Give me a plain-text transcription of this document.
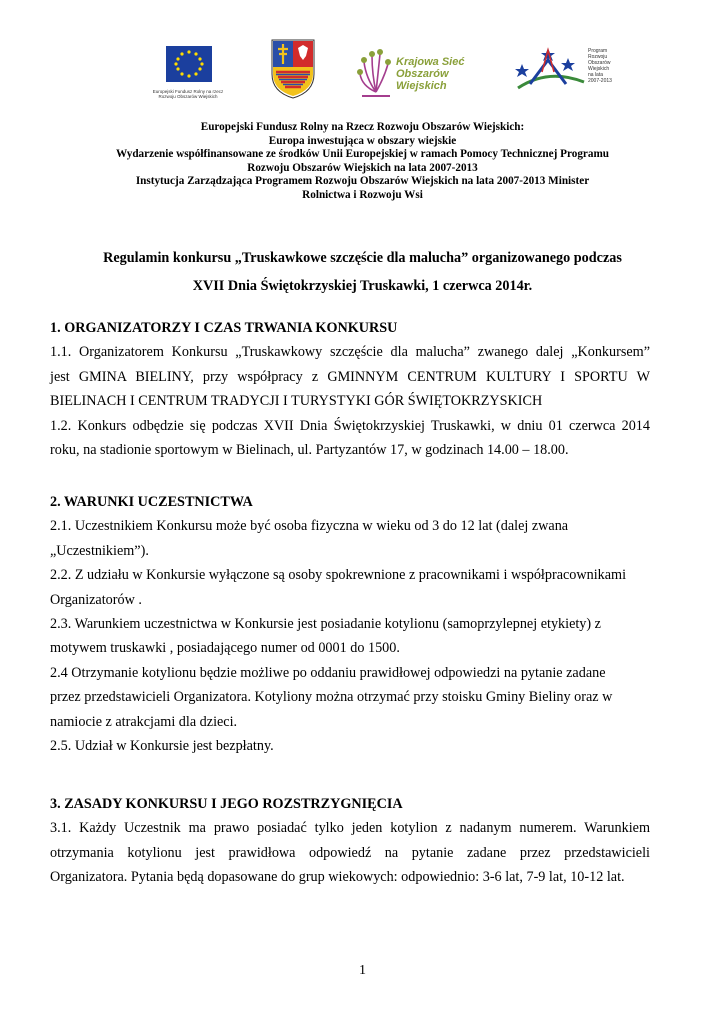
Europejski Fundusz Rolny na rzecz Rozwoju Obszarów Wiejskich
Krajowa Sieć
Obszarów Wiejskich
Program Rozwoju Obszarów Wiejskich na lata 2007-2013
Europejski Fundusz Rolny na Rzecz Rozwoju Obszarów Wiejskich:
Europa inwestująca w obszary wiejskie
Wydarzenie współfinansowane ze środków Unii Europejskiej w ramach Pomocy Technicznej Programu
Rozwoju Obszarów Wiejskich na lata 2007-2013
Instytucja Zarządzająca Programem Rozwoju Obszarów Wiejskich na lata 2007-2013 Minister
Rolnictwa i Rozwoju Wsi
Regulamin konkursu „Truskawkowe szczęście dla malucha” organizowanego podczas
XVII Dnia Świętokrzyskiej Truskawki, 1 czerwca 2014r.
1. ORGANIZATORZY I CZAS TRWANIA KONKURSU
1.1. Organizatorem Konkursu „Truskawkowy szczęście dla malucha” zwanego dalej „Konkursem”
jest GMINA BIELINY, przy współpracy z GMINNYM CENTRUM KULTURY I SPORTU W
BIELINACH I CENTRUM TRADYCJI I TURYSTYKI GÓR ŚWIĘTOKRZYSKICH
1.2. Konkurs odbędzie się podczas XVII Dnia Świętokrzyskiej Truskawki, w dniu 01 czerwca 2014
roku, na stadionie sportowym w Bielinach, ul. Partyzantów 17, w godzinach 14.00 – 18.00.
2. WARUNKI UCZESTNICTWA
2.1. Uczestnikiem Konkursu może być osoba fizyczna w wieku od 3 do 12 lat (dalej zwana
„Uczestnikiem”).
2.2. Z udziału w Konkursie wyłączone są osoby spokrewnione z pracownikami i współpracownikami
Organizatorów .
2.3. Warunkiem uczestnictwa w Konkursie jest posiadanie kotylionu (samoprzylepnej etykiety) z
motywem truskawki , posiadającego numer od 0001 do 1500.
2.4 Otrzymanie kotylionu będzie możliwe po oddaniu prawidłowej odpowiedzi na pytanie zadane
przez przedstawicieli Organizatora. Kotyliony można otrzymać przy stoisku Gminy Bieliny oraz w
namiocie z atrakcjami dla dzieci.
2.5. Udział w Konkursie jest bezpłatny.
3. ZASADY KONKURSU I JEGO ROZSTRZYGNIĘCIA
3.1. Każdy Uczestnik ma prawo posiadać tylko jeden kotylion z nadanym numerem. Warunkiem
otrzymania kotylionu jest prawidłowa odpowiedź na pytanie zadane przez przedstawicieli
Organizatora. Pytania będą dopasowane do grup wiekowych: odpowiednio: 3-6 lat, 7-9 lat, 10-12 lat.
1
